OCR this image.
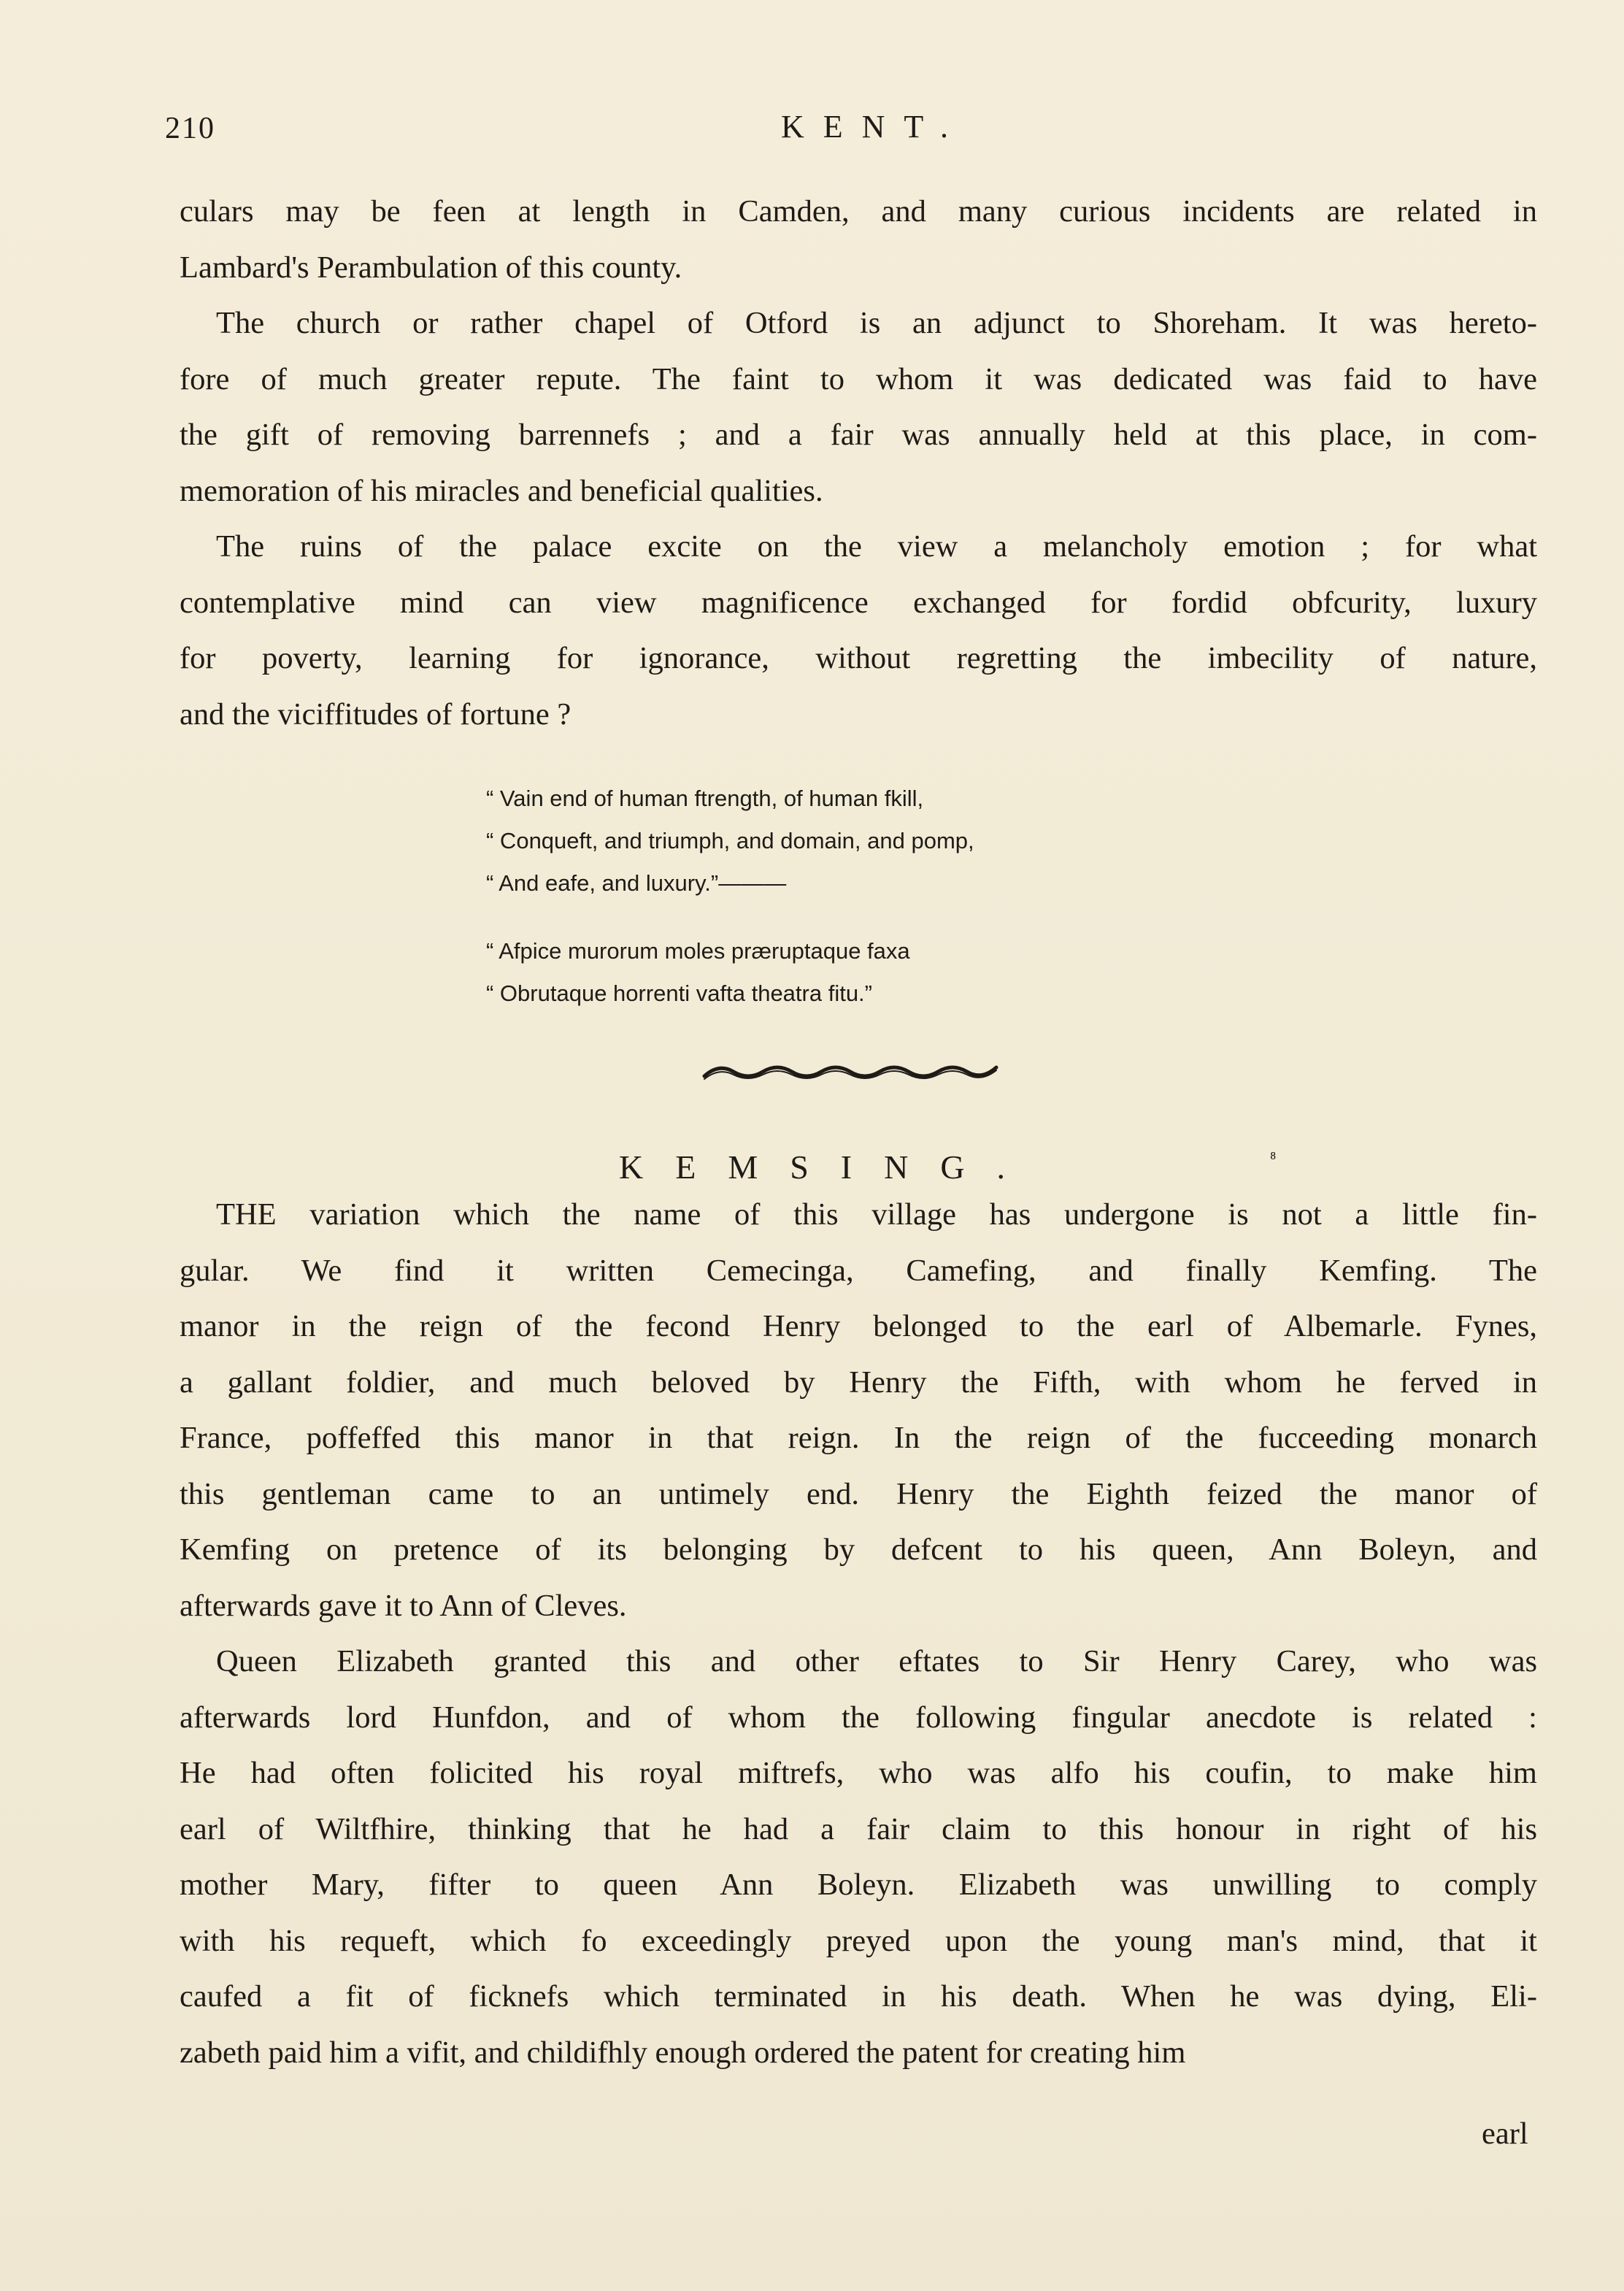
210	KENT.

culars may be feen at length in Camden, and many curious incidents are related in
Lambard's Perambulation of this county.

The church or rather chapel of Otford is an adjunct to Shoreham. It was hereto-
fore of much greater repute. The faint to whom it was dedicated was faid to have
the gift of removing barrennefs ; and a fair was annually held at this place, in com-
memoration of his miracles and beneficial qualities.

The ruins of the palace excite on the view a melancholy emotion ; for what
contemplative mind can view magnificence exchanged for fordid obfcurity, luxury
for poverty, learning for ignorance, without regretting the imbecility of nature,
and the viciffitudes of fortune ?

“ Vain end of human ftrength, of human fkill,
“ Conqueft, and triumph, and domain, and pomp,
“ And eafe, and luxury.”———
“ Afpice murorum moles præruptaque faxa
“ Obrutaque horrenti vafta theatra fitu.”
KEMSING.	⁸

THE variation which the name of this village has undergone is not a little fin-
gular. We find it written Cemecinga, Camefing, and finally Kemfing. The
manor in the reign of the fecond Henry belonged to the earl of Albemarle. Fynes,
a gallant foldier, and much beloved by Henry the Fifth, with whom he ferved in
France, poffeffed this manor in that reign. In the reign of the fucceeding monarch
this gentleman came to an untimely end. Henry the Eighth feized the manor of
Kemfing on pretence of its belonging by defcent to his queen, Ann Boleyn, and
afterwards gave it to Ann of Cleves.

Queen Elizabeth granted this and other eftates to Sir Henry Carey, who was
afterwards lord Hunfdon, and of whom the following fingular anecdote is related :
He had often folicited his royal miftrefs, who was alfo his coufin, to make him
earl of Wiltfhire, thinking that he had a fair claim to this honour in right of his
mother Mary, fifter to queen Ann Boleyn. Elizabeth was unwilling to comply
with his requeft, which fo exceedingly preyed upon the young man's mind, that it
caufed a fit of ficknefs which terminated in his death. When he was dying, Eli-
zabeth paid him a vifit, and childifhly enough ordered the patent for creating him

earl
